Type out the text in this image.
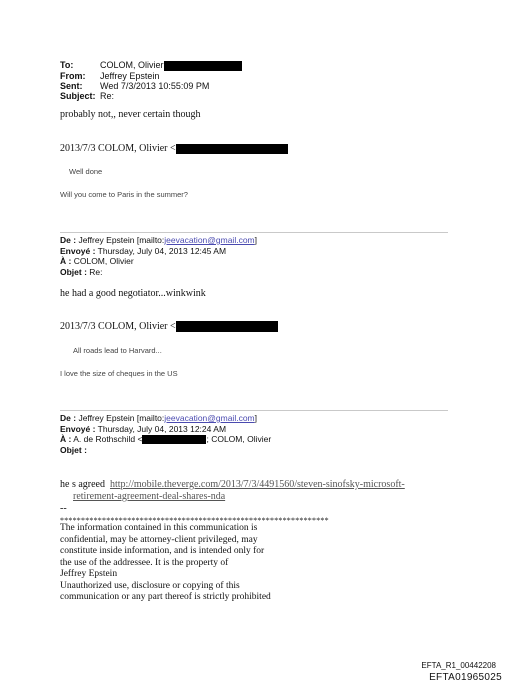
To:	COLOM, Olivier
From: Jeffrey Epstein
Sent: Wed 7/3/2013 10:55:09 PM
Subject: Re:
probably not,, never certain though
2013/7/3 COLOM, Olivier <
Well done
Will you come to Paris in the summer?
De : Jeffrey Epstein [mailto:jeevacation@gmail.com]
Envoyé : Thursday, July 04, 2013 12:45 AM
À : COLOM, Olivier
Objet : Re:
he had a good negotiator...winkwink
2013/7/3 COLOM, Olivier <
All roads lead to Harvard...
I love the size of cheques in the US
De : Jeffrey Epstein [mailto:jeevacation@gmail.com]
Envoyé : Thursday, July 04, 2013 12:24 AM
À : A. de Rothschild <	; COLOM, Olivier
Objet :
he s agreed http://mobile.theverge.com/2013/7/3/4491560/steven-sinofsky-microsoft-
retirement-agreement-deal-shares-nda
--
****************************************************************
The information contained in this communication is
confidential, may be attorney-client privileged, may
constitute inside information, and is intended only for
the use of the addressee. It is the property of
Jeffrey Epstein
Unauthorized use, disclosure or copying of this
communication or any part thereof is strictly prohibited
EFTA_R1_00442208
EFTA01965025
